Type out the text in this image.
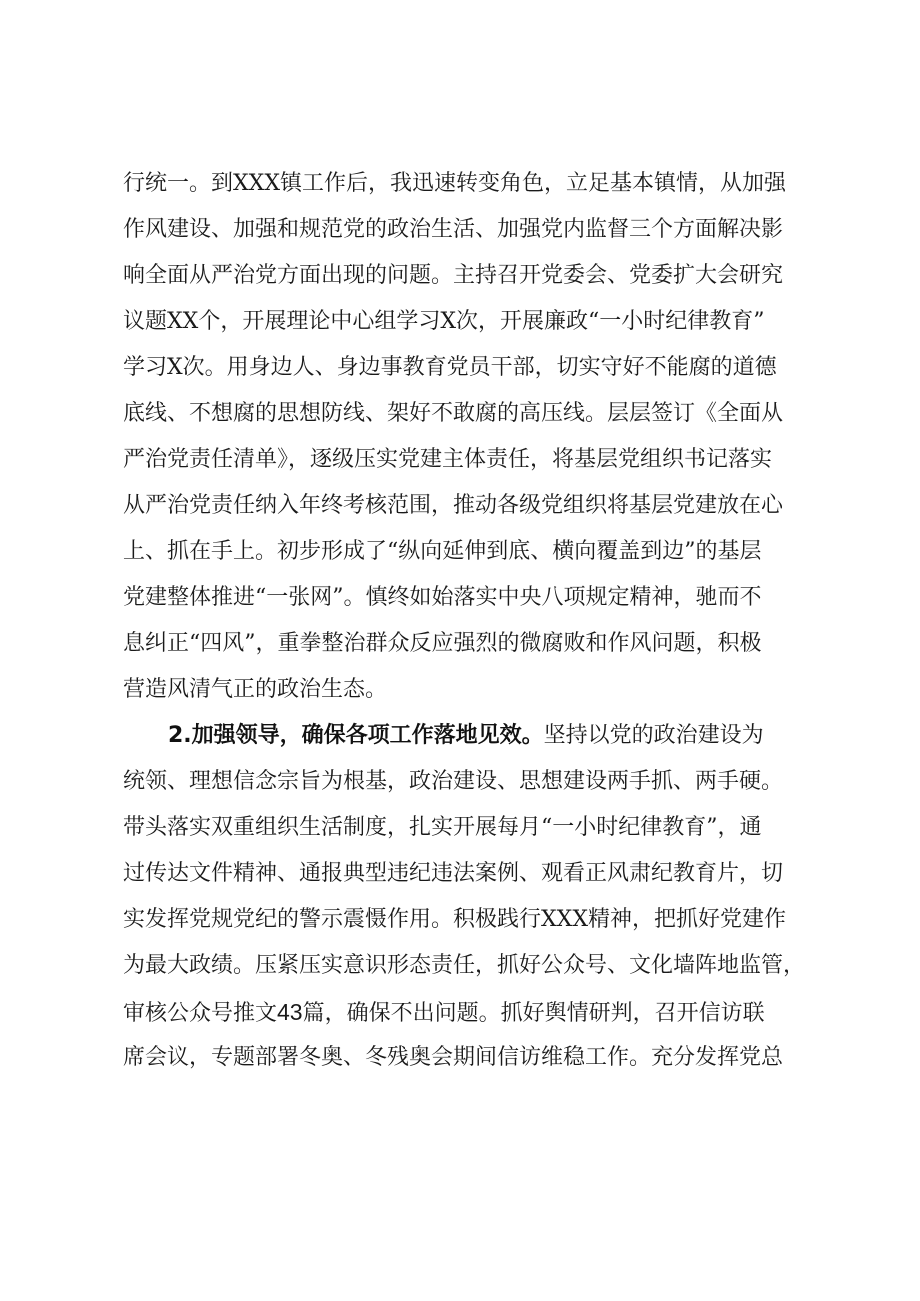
行统一。到XXX镇工作后，我迅速转变角色，立足基本镇情，从加强

作风建设、加强和规范党的政治生活、加强党内监督三个方面解决影

响全面从严治党方面出现的问题。主持召开党委会、党委扩大会研究

议题XX个，开展理论中心组学习X次，开展廉政“一小时纪律教育”

学习X次。用身边人、身边事教育党员干部，切实守好不能腐的道德

底线、不想腐的思想防线、架好不敢腐的高压线。层层签订《全面从

严治党责任清单》，逐级压实党建主体责任，将基层党组织书记落实

从严治党责任纳入年终考核范围，推动各级党组织将基层党建放在心

上、抓在手上。初步形成了“纵向延伸到底、横向覆盖到边”的基层

党建整体推进“一张网”。慎终如始落实中央八项规定精神，驰而不

息纠正“四风”，重拳整治群众反应强烈的微腐败和作风问题，积极

营造风清气正的政治生态。

2.加强领导，确保各项工作落地见效。坚持以党的政治建设为

统领、理想信念宗旨为根基，政治建设、思想建设两手抓、两手硬。

带头落实双重组织生活制度，扎实开展每月“一小时纪律教育”，通

过传达文件精神、通报典型违纪违法案例、观看正风肃纪教育片，切

实发挥党规党纪的警示震慑作用。积极践行XXX精神，把抓好党建作

为最大政绩。压紧压实意识形态责任，抓好公众号、文化墙阵地监管，

审核公众号推文43篇，确保不出问题。抓好舆情研判，召开信访联

席会议，专题部署冬奥、冬残奥会期间信访维稳工作。充分发挥党总
